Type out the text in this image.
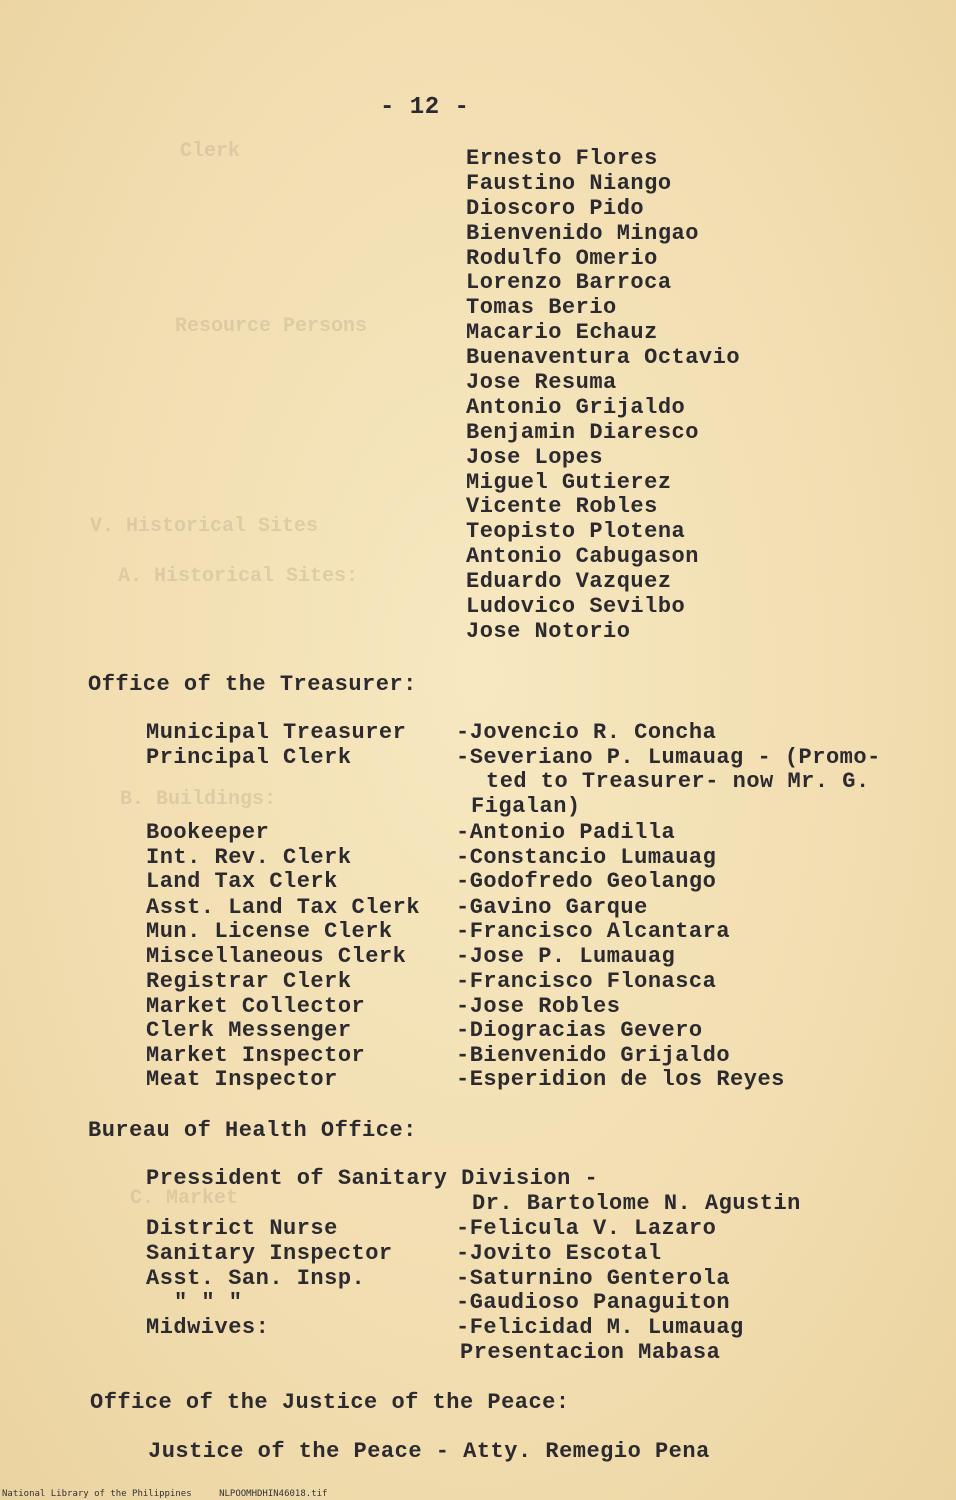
Clerk
Resource Persons
V. Historical Sites
A. Historical Sites:
B. Buildings:
C. Market
- 12 -
Ernesto Flores
Faustino Niango
Dioscoro Pido
Bienvenido Mingao
Rodulfo Omerio
Lorenzo Barroca
Tomas Berio
Macario Echauz
Buenaventura Octavio
Jose Resuma
Antonio Grijaldo
Benjamin Diaresco
Jose Lopes
Miguel Gutierez
Vicente Robles
Teopisto Plotena
Antonio Cabugason
Eduardo Vazquez
Ludovico Sevilbo
Jose Notorio
Office of the Treasurer:
Municipal Treasurer -Jovencio R. Concha
Principal Clerk	-Severiano P. Lumauag - (Promo-
ted to Treasurer- now Mr. G.
Figalan)
Bookeeper	-Antonio Padilla
Int. Rev. Clerk	-Constancio Lumauag
Land Tax Clerk	-Godofredo Geolango
Asst. Land Tax Clerk -Gavino Garque
Mun. License Clerk	-Francisco Alcantara
Miscellaneous Clerk -Jose P. Lumauag
Registrar Clerk	-Francisco Flonasca
Market Collector	-Jose Robles
Clerk Messenger	-Diogracias Gevero
Market Inspector	-Bienvenido Grijaldo
Meat Inspector	-Esperidion de los Reyes
Bureau of Health Office:
Pressident of Sanitary Division -
Dr. Bartolome N. Agustin
District Nurse	-Felicula V. Lazaro
Sanitary Inspector	-Jovito Escotal
Asst. San. Insp.	-Saturnino Genterola
" " "	-Gaudioso Panaguiton
Midwives:	-Felicidad M. Lumauag
Presentacion Mabasa
Office of the Justice of the Peace:
Justice of the Peace - Atty. Remegio Pena
National Library of the Philippines	NLPOOMHDHIN46018.tif
